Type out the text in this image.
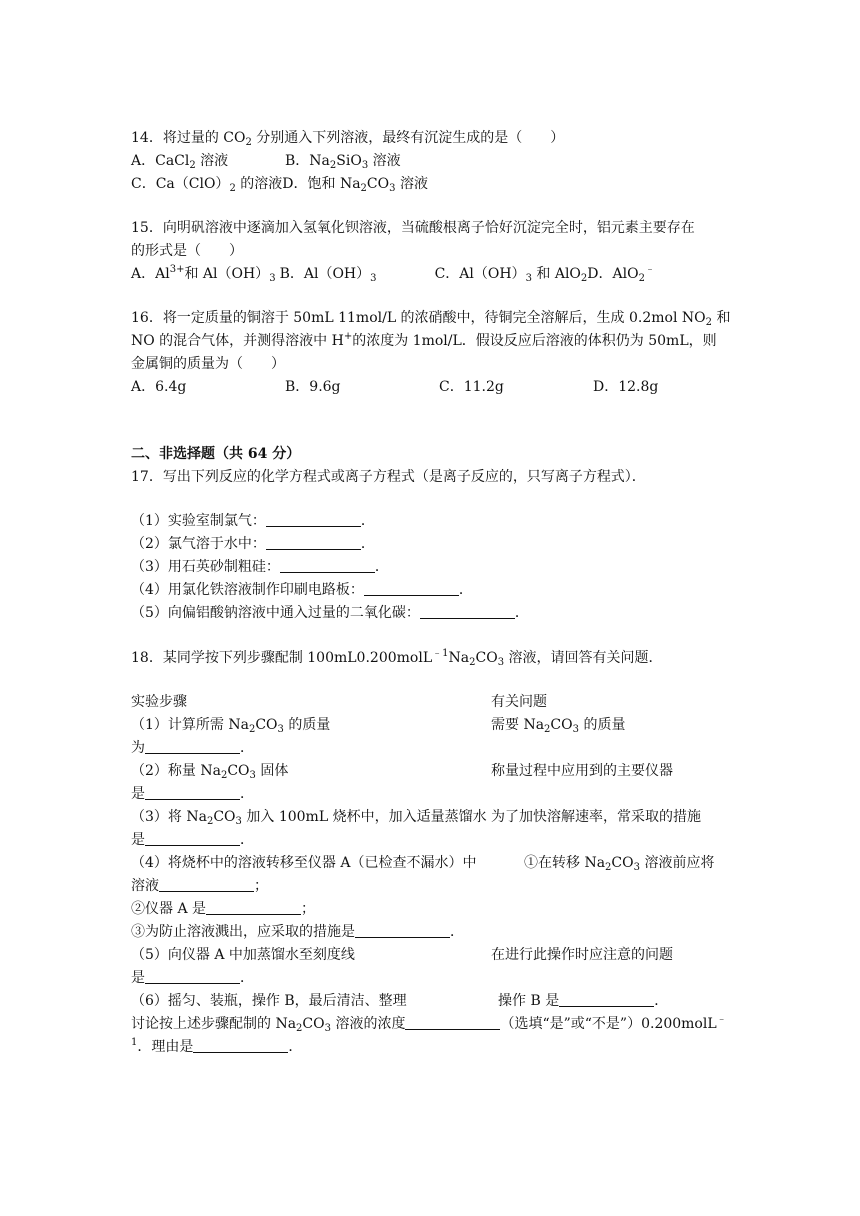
14．将过量的 $CO_2$ 分别通入下列溶液，最终有沉淀生成的是（　　）
A．CaCl$_2$ 溶液	B．$Na_2SiO_3$ 溶液
C．$Ca(ClO)_2$ 的溶液D．饱和 $Na_2CO_3$ 溶液
15．向明矾溶液中逐滴加入氢氧化钡溶液，当硫酸根离子恰好沉淀完全时，铝元素主要存在
的形式是（　　）
A．$Al^{3+}$和 $Al(OH)_3$ B．$Al(OH)_3$	C．$Al(OH)_3$ 和 AlO$_2$D．AlO$_2$﹣
16．将一定质量的铜溶于 50mL 11mol/L 的浓硝酸中，待铜完全溶解后，生成 0.2mol $NO_2$ 和
NO 的混合气体，并测得溶液中 H+的浓度为 1mol/L．假设反应后溶液的体积仍为 50mL，则
金属铜的质量为（　　）
A．6.4g	B．9.6g	C．11.2g	D．12.8g
二、非选择题（共 64 分）
17．写出下列反应的化学方程式或离子方程式（是离子反应的，只写离子方程式）．
（1）实验室制氯气：	．
（2）氯气溶于水中：	．
（3）用石英砂制粗硅：	．
（4）用氯化铁溶液制作印刷电路板：	．
（5）向偏铝酸钠溶液中通入过量的二氧化碳：	．
18．某同学按下列步骤配制 $100mL0.200molL^{﹣1}Na_2CO_3$ 溶液，请回答有关问题．
实验步骤	有关问题
（1）计算所需 $Na_2CO_3$ 的质量	需要 $Na_2CO_3$ 的质量
为	．
（2）称量 $Na_2CO_3$ 固体	称量过程中应用到的主要仪器
是	．
（3）将 $Na_2CO_3$ 加入 100mL 烧杯中，加入适量蒸馏水 为了加快溶解速率，常采取的措施
是	．
（4）将烧杯中的溶液转移至仪器 A（已检查不漏水）中	①在转移 $Na_2CO_3$ 溶液前应将
溶液	；
②仪器 A 是	；
③为防止溶液溅出，应采取的措施是	．
（5）向仪器 A 中加蒸馏水至刻度线	在进行此操作时应注意的问题
是	．
（6）摇匀、装瓶，操作 B，最后清洁、整理	操作 B 是	．
讨论按上述步骤配制的 $Na_2CO_3$ 溶液的浓度	（选填“是”或“不是”）0.200molL﹣
$^1$．理由是	．
